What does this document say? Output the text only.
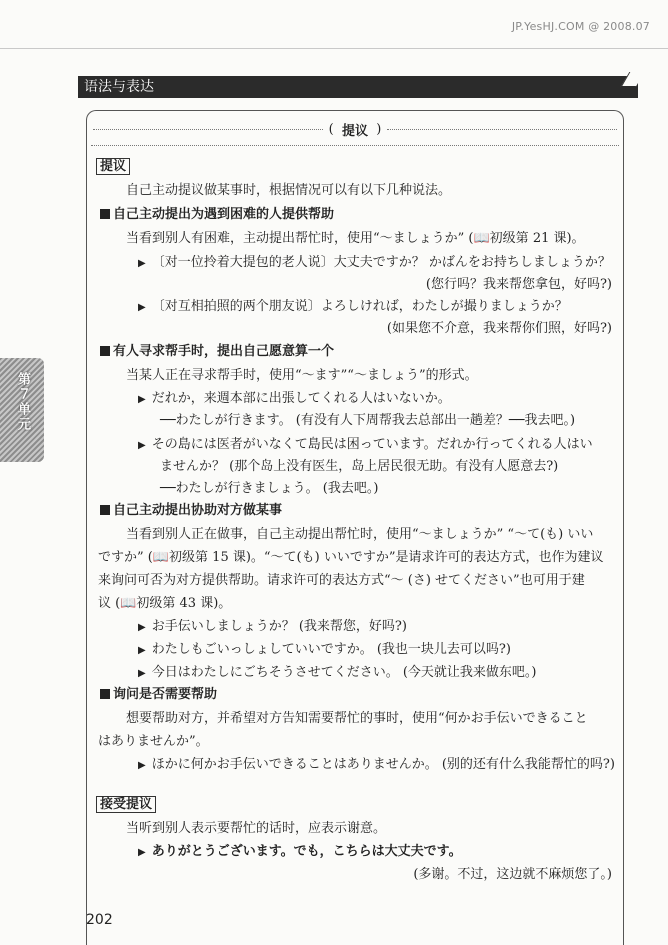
JP.YesHJ.COM @ 2008.07
语法与表达
第７单元
( 提议 )
提议
自己主动提议做某事时，根据情况可以有以下几种说法。
自己主动提出为遇到困难的人提供帮助
当看到别人有困难，主动提出帮忙时，使用“～ましょうか” (📖初级第 21 课)。
▶ 〔对一位拎着大提包的老人说〕大丈夫ですか？ かばんをお持ちしましょうか？
(您行吗？我来帮您拿包，好吗?)
▶ 〔对互相拍照的两个朋友说〕よろしければ，わたしが撮りましょうか？
(如果您不介意，我来帮你们照，好吗?)
有人寻求帮手时，提出自己愿意算一个
当某人正在寻求帮手时，使用“～ます”“～ましょう”的形式。
▶ だれか，来週本部に出張してくれる人はいないか。
──わたしが行きます。 (有没有人下周帮我去总部出一趟差？──我去吧。)
▶ その島には医者がいなくて島民は困っています。だれか行ってくれる人はい
ませんか？ (那个岛上没有医生，岛上居民很无助。有没有人愿意去?)
──わたしが行きましょう。 (我去吧。)
自己主动提出协助对方做某事
当看到别人正在做事，自己主动提出帮忙时，使用“～ましょうか” “～て(も) いい
ですか” (📖初级第 15 课)。“～て(も) いいですか”是请求许可的表达方式，也作为建议
来询问可否为对方提供帮助。请求许可的表达方式“～ (さ) せてください”也可用于建
议 (📖初级第 43 课)。
▶ お手伝いしましょうか？ (我来帮您，好吗?)
▶ わたしもごいっしょしていいですか。 (我也一块儿去可以吗?)
▶ 今日はわたしにごちそうさせてください。 (今天就让我来做东吧。)
询问是否需要帮助
想要帮助对方，并希望对方告知需要帮忙的事时，使用“何かお手伝いできること
はありませんか”。
▶ ほかに何かお手伝いできることはありませんか。 (别的还有什么我能帮忙的吗?)
接受提议
当听到别人表示要帮忙的话时，应表示谢意。
▶ ありがとうございます。でも，こちらは大丈夫です。
(多谢。不过，这边就不麻烦您了。)
202
